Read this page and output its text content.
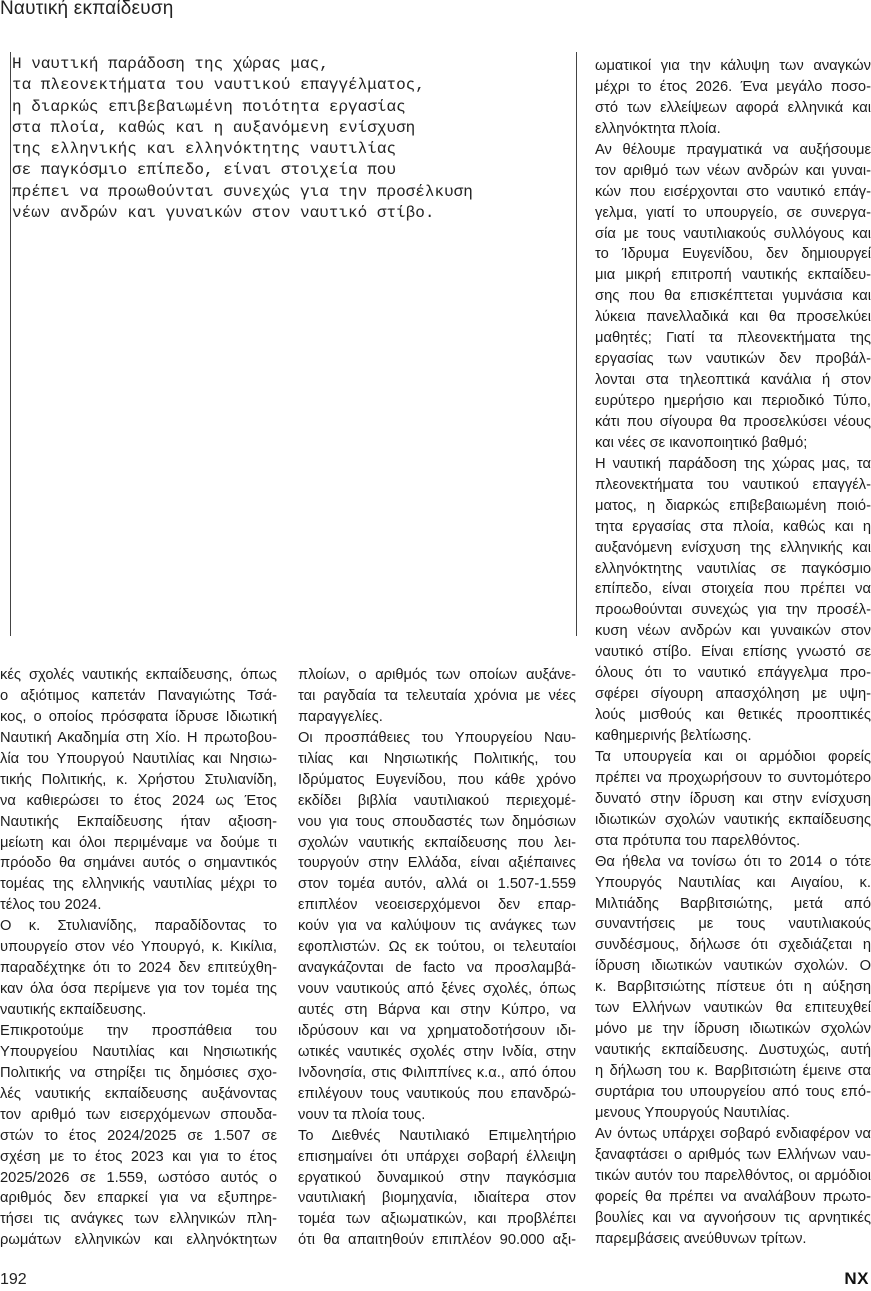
Ναυτική εκπαίδευση
Η ναυτική παράδοση της χώρας μας,
τα πλεονεκτήματα του ναυτικού επαγγέλματος,
η διαρκώς επιβεβαιωμένη ποιότητα εργασίας
στα πλοία, καθώς και η αυξανόμενη ενίσχυση
της ελληνικής και ελληνόκτητης ναυτιλίας
σε παγκόσμιο επίπεδο, είναι στοιχεία που
πρέπει να προωθούνται συνεχώς για την προσέλκυση
νέων ανδρών και γυναικών στον ναυτικό στίβο.
κές σχολές ναυτικής εκπαίδευσης, όπως
ο αξιότιμος καπετάν Παναγιώτης Τσά-
κος, ο οποίος πρόσφατα ίδρυσε Ιδιωτική
Ναυτική Ακαδημία στη Χίο. Η πρωτοβου-
λία του Υπουργού Ναυτιλίας και Νησιω-
τικής Πολιτικής, κ. Χρήστου Στυλιανίδη,
να καθιερώσει το έτος 2024 ως Έτος
Ναυτικής Εκπαίδευσης ήταν αξιοση-
μείωτη και όλοι περιμέναμε να δούμε τι
πρόοδο θα σημάνει αυτός ο σημαντικός
τομέας της ελληνικής ναυτιλίας μέχρι το
τέλος του 2024.
Ο κ. Στυλιανίδης, παραδίδοντας το
υπουργείο στον νέο Υπουργό, κ. Κικίλια,
παραδέχτηκε ότι το 2024 δεν επιτεύχθη-
καν όλα όσα περίμενε για τον τομέα της
ναυτικής εκπαίδευσης.
Επικροτούμε την προσπάθεια του
Υπουργείου Ναυτιλίας και Νησιωτικής
Πολιτικής να στηρίξει τις δημόσιες σχο-
λές ναυτικής εκπαίδευσης αυξάνοντας
τον αριθμό των εισερχόμενων σπουδα-
στών το έτος 2024/2025 σε 1.507 σε
σχέση με το έτος 2023 και για το έτος
2025/2026 σε 1.559, ωστόσο αυτός ο
αριθμός δεν επαρκεί για να εξυπηρε-
τήσει τις ανάγκες των ελληνικών πλη-
ρωμάτων ελληνικών και ελληνόκτητων
πλοίων, ο αριθμός των οποίων αυξάνε-
ται ραγδαία τα τελευταία χρόνια με νέες
παραγγελίες.
Οι προσπάθειες του Υπουργείου Ναυ-
τιλίας και Νησιωτικής Πολιτικής, του
Ιδρύματος Ευγενίδου, που κάθε χρόνο
εκδίδει βιβλία ναυτιλιακού περιεχομέ-
νου για τους σπουδαστές των δημόσιων
σχολών ναυτικής εκπαίδευσης που λει-
τουργούν στην Ελλάδα, είναι αξιέπαινες
στον τομέα αυτόν, αλλά οι 1.507-1.559
επιπλέον νεοεισερχόμενοι δεν επαρ-
κούν για να καλύψουν τις ανάγκες των
εφοπλιστών. Ως εκ τούτου, οι τελευταίοι
αναγκάζονται de facto να προσλαμβά-
νουν ναυτικούς από ξένες σχολές, όπως
αυτές στη Βάρνα και στην Κύπρο, να
ιδρύσουν και να χρηματοδοτήσουν ιδι-
ωτικές ναυτικές σχολές στην Ινδία, στην
Ινδονησία, στις Φιλιππίνες κ.α., από όπου
επιλέγουν τους ναυτικούς που επανδρώ-
νουν τα πλοία τους.
Το Διεθνές Ναυτιλιακό Επιμελητήριο
επισημαίνει ότι υπάρχει σοβαρή έλλειψη
εργατικού δυναμικού στην παγκόσμια
ναυτιλιακή βιομηχανία, ιδιαίτερα στον
τομέα των αξιωματικών, και προβλέπει
ότι θα απαιτηθούν επιπλέον 90.000 αξι-
ωματικοί για την κάλυψη των αναγκών
μέχρι το έτος 2026. Ένα μεγάλο ποσο-
στό των ελλείψεων αφορά ελληνικά και
ελληνόκτητα πλοία.
Αν θέλουμε πραγματικά να αυξήσουμε
τον αριθμό των νέων ανδρών και γυναι-
κών που εισέρχονται στο ναυτικό επάγ-
γελμα, γιατί το υπουργείο, σε συνεργα-
σία με τους ναυτιλιακούς συλλόγους και
το Ίδρυμα Ευγενίδου, δεν δημιουργεί
μια μικρή επιτροπή ναυτικής εκπαίδευ-
σης που θα επισκέπτεται γυμνάσια και
λύκεια πανελλαδικά και θα προσελκύει
μαθητές; Γιατί τα πλεονεκτήματα της
εργασίας των ναυτικών δεν προβάλ-
λονται στα τηλεοπτικά κανάλια ή στον
ευρύτερο ημερήσιο και περιοδικό Τύπο,
κάτι που σίγουρα θα προσελκύσει νέους
και νέες σε ικανοποιητικό βαθμό;
Η ναυτική παράδοση της χώρας μας, τα
πλεονεκτήματα του ναυτικού επαγγέλ-
ματος, η διαρκώς επιβεβαιωμένη ποιό-
τητα εργασίας στα πλοία, καθώς και η
αυξανόμενη ενίσχυση της ελληνικής και
ελληνόκτητης ναυτιλίας σε παγκόσμιο
επίπεδο, είναι στοιχεία που πρέπει να
προωθούνται συνεχώς για την προσέλ-
κυση νέων ανδρών και γυναικών στον
ναυτικό στίβο. Είναι επίσης γνωστό σε
όλους ότι το ναυτικό επάγγελμα προ-
σφέρει σίγουρη απασχόληση με υψη-
λούς μισθούς και θετικές προοπτικές
καθημερινής βελτίωσης.
Τα υπουργεία και οι αρμόδιοι φορείς
πρέπει να προχωρήσουν το συντομότερο
δυνατό στην ίδρυση και στην ενίσχυση
ιδιωτικών σχολών ναυτικής εκπαίδευσης
στα πρότυπα του παρελθόντος.
Θα ήθελα να τονίσω ότι το 2014 ο τότε
Υπουργός Ναυτιλίας και Αιγαίου, κ.
Μιλτιάδης Βαρβιτσιώτης, μετά από
συναντήσεις με τους ναυτιλιακούς
συνδέσμους, δήλωσε ότι σχεδιάζεται η
ίδρυση ιδιωτικών ναυτικών σχολών. Ο
κ. Βαρβιτσιώτης πίστευε ότι η αύξηση
των Ελλήνων ναυτικών θα επιτευχθεί
μόνο με την ίδρυση ιδιωτικών σχολών
ναυτικής εκπαίδευσης. Δυστυχώς, αυτή
η δήλωση του κ. Βαρβιτσιώτη έμεινε στα
συρτάρια του υπουργείου από τους επό-
μενους Υπουργούς Ναυτιλίας.
Αν όντως υπάρχει σοβαρό ενδιαφέρον να
ξαναφτάσει ο αριθμός των Ελλήνων ναυ-
τικών αυτόν του παρελθόντος, οι αρμόδιοι
φορείς θα πρέπει να αναλάβουν πρωτο-
βουλίες και να αγνοήσουν τις αρνητικές
παρεμβάσεις ανεύθυνων τρίτων.
192	NX
